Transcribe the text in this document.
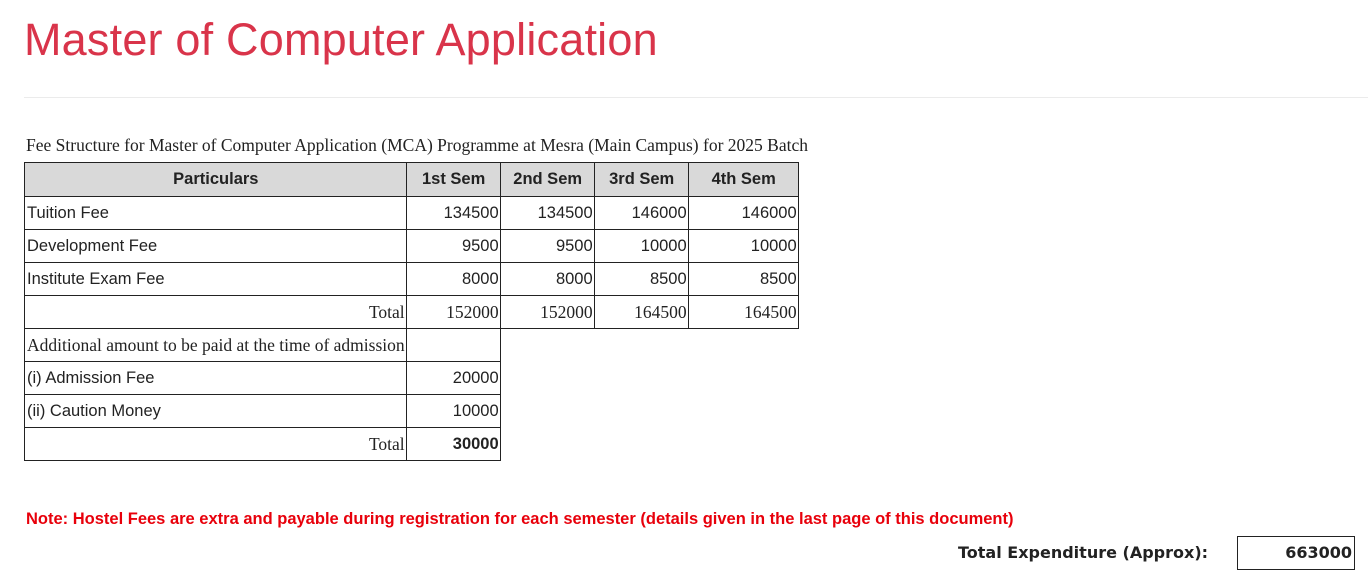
Master of Computer Application
Fee Structure for Master of Computer Application (MCA) Programme at Mesra (Main Campus) for 2025 Batch
Particulars	1st Sem	2nd Sem	3rd Sem	4th Sem
Tuition Fee	134500	134500	146000	146000
Development Fee	9500	9500	10000	10000
Institute Exam Fee	8000	8000	8500	8500
Total	152000	152000	164500	164500
Additional amount to be paid at the time of admission				
(i) Admission Fee	20000			
(ii) Caution Money	10000			
Total	30000			
Note: Hostel Fees are extra and payable during registration for each semester (details given in the last page of this document)
Total Expenditure (Approx):	663000
